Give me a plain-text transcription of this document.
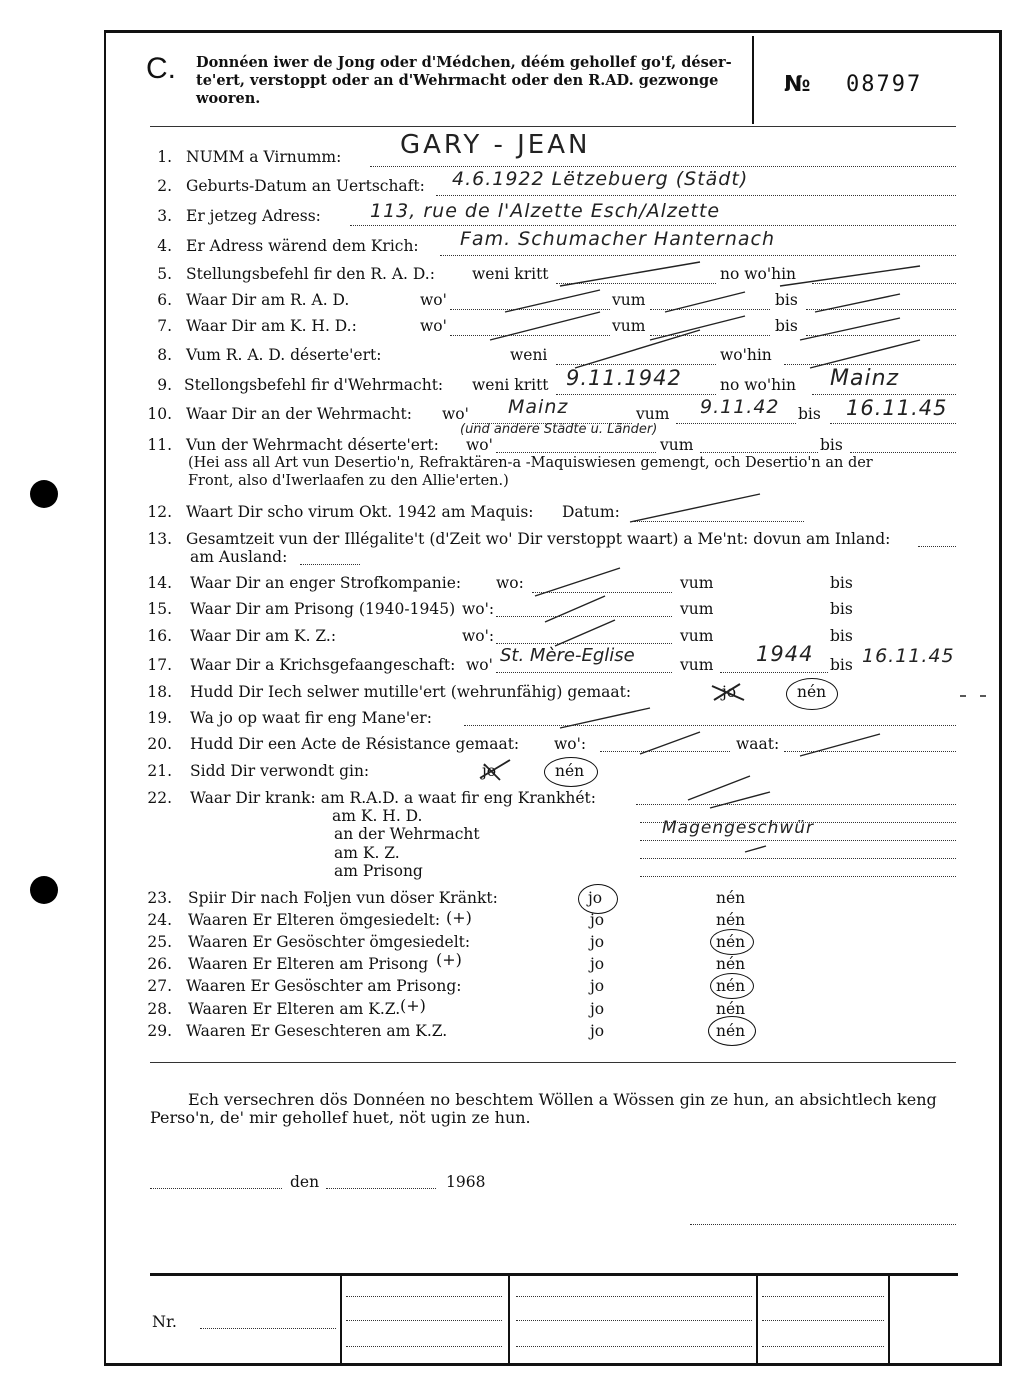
C. Donnéen iwer de Jong oder d'Médchen, déém gehollef go'f, déser-
te'ert, verstoppt oder an d'Wehrmacht oder den R.AD. gezwonge
wooren.
№ 08797
1. NUMM a Virnumm: GARY - JEAN
2. Geburts-Datum an Uertschaft: 4.6.1922 Lëtzebuerg (Städt)
3. Er jetzeg Adress:	113, rue de l'Alzette Esch/Alzette
4. Er Adress wärend dem Krich: Fam. Schumacher Hanternach
5. Stellungsbefehl fir den R. A. D.: weni kritt	no wo'hin
6. Waar Dir am R. A. D.	wo'	vum	bis
7. Waar Dir am K. H. D.:	wo'	vum	bis
8. Vum R. A. D. déserte'ert:	weni	wo'hin
9. Stellongsbefehl fir d'Wehrmacht: weni kritt 9.11.1942 no wo'hin Mainz
10. Waar Dir an der Wehrmacht: wo' Mainz	vum 9.11.42 bis 16.11.45
(und andere Städte u. Länder)
11. Vun der Wehrmacht déserte'ert: wo'	vum	bis
(Hei ass all Art vun Desertio'n, Refraktären-a -Maquiswiesen gemengt, och Desertio'n an der
Front, also d'Iwerlaafen zu den Allie'erten.)
12. Waart Dir scho virum Okt. 1942 am Maquis: Datum:
13. Gesamtzeit vun der Illégalite't (d'Zeit wo' Dir verstoppt waart) a Me'nt: dovun am Inland:
am Ausland:
14. Waar Dir an enger Strofkompanie: wo:	vum	bis
15. Waar Dir am Prisong (1940-1945) wo':	vum	bis
16. Waar Dir am K. Z.:	wo':	vum	bis
17. Waar Dir a Krichsgefaangeschaft: wo' St. Mère-Eglise	vum 1944 bis 16.11.45
18. Hudd Dir Iech selwer mutille'ert (wehrunfähig) gemaat:	jo	nén
19. Wa jo op waat fir eng Mane'er:
20. Hudd Dir een Acte de Résistance gemaat: wo':	waat:
21. Sidd Dir verwondt gin:	jo	nén
22. Waar Dir krank: am R.A.D. a waat fir eng Krankhét:
am K. H. D.
an der Wehrmacht	Magengeschwür
am K. Z.
am Prisong
23. Spiir Dir nach Foljen vun döser Kränkt:	jo	nén
24. Waaren Er Elteren ömgesiedelt: (+)	jo	nén
25. Waaren Er Gesöschter ömgesiedelt:	jo	nén
26. Waaren Er Elteren am Prisong (+)	jo	nén
27. Waaren Er Gesöschter am Prisong:	jo	nén
28. Waaren Er Elteren am K.Z. (+)	jo	nén
29. Waaren Er Geseschteren am K.Z.	jo	nén
Ech versechren dös Donnéen no beschtem Wöllen a Wössen gin ze hun, an absichtlech keng
Perso'n, de' mir gehollef huet, nöt ugin ze hun.
den	1968
Nr.
